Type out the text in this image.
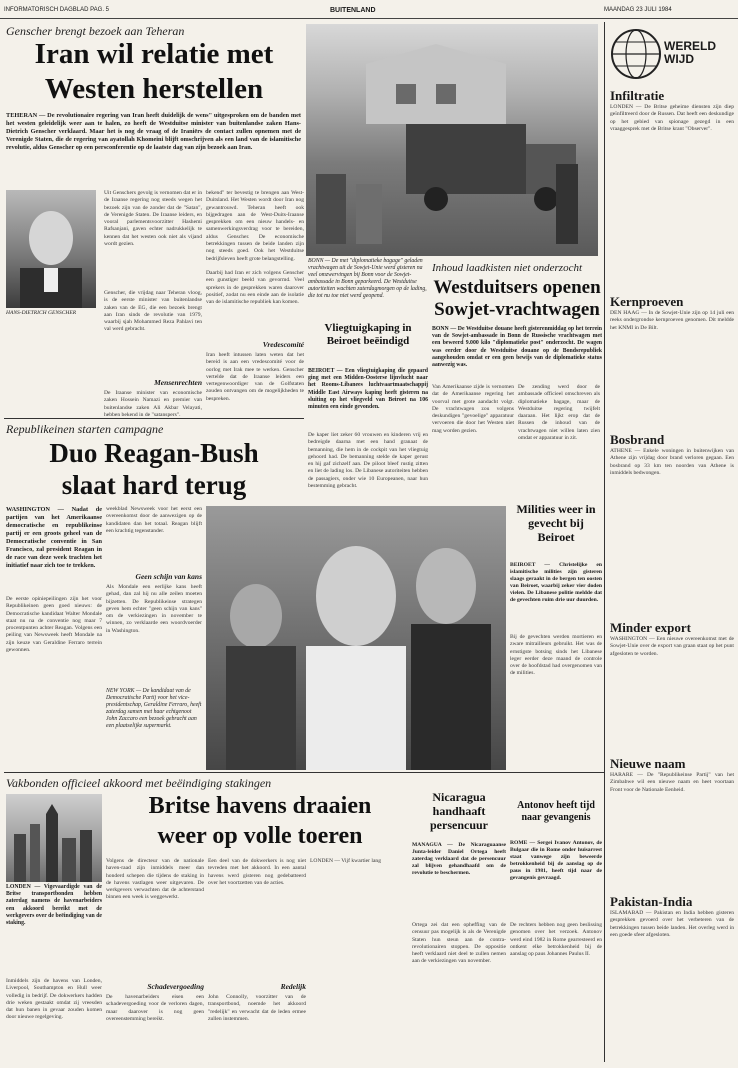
INFORMATORISCH DAGBLAD PAG. 5	BUITENLAND	MAANDAG 23 JULI 1984
Genscher brengt bezoek aan Teheran
Iran wil relatie met
Westen herstellen
TEHERAN — De revolutionaire regering van Iran heeft duidelijk de wens" uitgesproken om de banden met het westen geleidelijk weer aan te halen, zo heeft de Westduitse minister van buitenlandse zaken Hans-Dietrich Genscher verklaard. Maar het is nog de vraag of de Iraniërs de contact zullen opnemen met de Verenigde Staten, die de regering van ayatollah Khomeini blijft omschrijven als een land van de islamitische revolutie, aldus Genscher op een persconferentie op de laatste dag van zijn bezoek aan Iran.
HANS-DIETRICH GENSCHER
Uit Genschers gevolg is vernomen dat er in de Iraanse regering nog steeds wegen het bezoek zijn van de zonder dat de "Satan", de Verenigde Staten. De Iraanse leiders, en vooral parlementsvoorzitter Hashemi Rafsanjani, gaven echter nadrukkelijk te kennen dat het westen ook niet als vijand wordt gezien.
Genscher, die vrijdag naar Teheran vloog, is de eerste minister van buitenlandse zaken van de EG, die een bezoek brengt aan Iran sinds de revolutie van 1979, waarbij sjah Mohammed Reza Pahlavi ten val werd gebracht.
Mensenrechten
De Iraanse minister van economische zaken Hossein Namazi en premier van buitenlandse zaken Ali Akbar Velayati, hebben bekend in de "satanspers".
bekend" ter bevestig te brengen aan West-Duitsland. Het Westen wordt door Iran nog gewantrouwd. Teheran heeft ook bijgedragen aan de West-Duits-Iraanse gesprekken om een nieuw handels- en samenwerkingsverdrag voor te bereiden, aldus Genscher. De economische betrekkingen tussen de beide landen zijn nog steeds goed. Ook het Westduitse bedrijfsleven heeft grote belangstelling.
Daarbij had Iran er zich volgens Genscher een gunstiger beeld van gevormd. Veel sprekers in de gesprekken waren daarover positief, zodat nu een einde aan de isolatie van de islamitische republiek kan komen.
Vredescomité
Iran heeft intussen laten weten dat het bereid is aan een vredescomité voor de oorlog met Irak mee te werken. Genscher vertelde dat de Iraanse leiders een vertegenwoordiger van de Golfstaten zouden ontvangen om de mogelijkheden te bespreken.
BONN — De met "diplomatieke bagage" geladen vrachtwagen uit de Sowjet-Unie werd gisteren na veel omzwervingen bij Bonn voor de Sowjet-ambassade in Bonn geparkeerd. De Westduitse autoriteiten wachten zaterdagmorgen op de lading, die tot nu toe niet werd geopend.
Vliegtuigkaping in Beiroet beëindigd
BEIROET — Een vliegtuigkaping die gepaard ging met een Midden-Oosterse lijnvlucht naar het Rooms-Libanees luchtvaartmaatschappij Middle East Airways kaping heeft gisteren na sluiting op het vliegveld van Beiroet na 106 minuten een einde gevonden.
De kaper liet zeker 60 vrouwen en kinderen vrij en bedreigde daarna met een hand granaat de bemanning, die hem in de cockpit van het vliegtuig gehoord had. De bemanning stelde de kaper gerust en hij gaf zichzelf aan. De piloot bleef rustig zitten en liet de lading los. De Libanese autoriteiten hebben de passagiers, onder wie 10 Europeanen, naar hun bestemming gebracht.
Inhoud laadkisten niet onderzocht
Westduitsers openen
Sowjet-vrachtwagen
BONN — De Westduitse douane heeft gisterenmiddag op het terrein van de Sowjet-ambassade in Bonn de Russische vrachtwagen met een beweerd 9.000 kilo "diplomatieke post" onderzocht. De wagen was eerder door de Westduitse douane op de Bondsrepubliek aangehouden omdat er een geen bewijs van de diplomatieke status aanwezig was.
Van Amerikaanse zijde is vernomen dat de Amerikaanse regering het voorval met grote aandacht volgt. De vrachtwagen zou volgens deskundigen "gevoelige" apparatuur vervoeren die door het Westen niet mag worden gezien.
De zending werd door de ambassade officieel omschreven als diplomatieke bagage, maar de Westduitse regering twijfelt daaraan. Het lijkt erop dat de Russen de inhoud van de vrachtwagen niet willen laten zien omdat er apparatuur in zit.
Republikeinen starten campagne
Duo Reagan-Bush
slaat hard terug
WASHINGTON — Nadat de partijen van het Amerikaanse democratische en republikeinse partij er een groots geheel van de Democratische conventie in San Francisco, zal president Reagan in de race van deze week trachten het initiatief naar zich toe te trekken.
De eerste opiniepeilingen zijn het voor Republikeinen geen goed nieuws: de Democratische kandidaat Walter Mondale staat nu na de conventie nog maar 7 procentpunten achter Reagan. Volgens een peiling van Newsweek heeft Mondale na zijn keuze van Geraldine Ferraro terrein gewonnen.
weekblad Newsweek voor het eerst een overeenkomst door de aanwezigen op de kandidaten dan het totaal. Reagan blijft een krachtig tegenstander.
Geen schijn van kans
Als Mondale een eerlijke kans heeft gehad, dan zal hij nu alle zeilen moeten bijzetten. De Republikeinse strategen geven hem echter "geen schijn van kans" om de verkiezingen in november te winnen, zo verklaarde een woordvoerder in Washington.
NEW YORK — De kandidaat van de Democratische Partij voor het vice-presidentschap, Geraldine Ferraro, heeft zaterdag samen met haar echtgenoot John Zaccaro een bezoek gebracht aan een plaatselijke supermarkt.
Milities weer in gevecht bij Beiroet
BEIROET — Christelijke en islamitische milities zijn gisteren slaags geraakt in de bergen ten oosten van Beiroet, waarbij zeker vier doden vielen. De Libanese politie meldde dat de gevechten ruim drie uur duurden.
Bij de gevechten werden mortieren en zware mitrailleurs gebruikt. Het was de ernstigste botsing sinds het Libanese leger eerder deze maand de controle over de hoofdstad had overgenomen van de milities.
Vakbonden officieel akkoord met beëindiging stakingen
Britse havens draaien
weer op volle toeren
LONDEN — Vigevaardigde van de Britse transportbonden hebben zaterdag namens de havenarbeiders een akkoord bereikt met de werkgevers over de beëindiging van de staking.
Inmiddels zijn de havens van Londen, Liverpool, Southampton en Hull weer volledig in bedrijf. De dokwerkers hadden drie weken gestaakt omdat zij vreesden dat hun banen in gevaar zouden komen door nieuwe regelgeving.
Volgens de directeur van de nationale haven-raad zijn inmiddels meer dan honderd schepen die tijdens de staking in de havens vastlagen weer uitgevaren. De werkgevers verwachten dat de achterstand binnen een week is weggewerkt.
Schadevergoeding
De havenarbeiders eisen een schadevergoeding voor de verloren dagen, maar daarover is nog geen overeenstemming bereikt.
Een deel van de dokwerkers is nog niet tevreden met het akkoord. In een aantal havens werd gisteren nog gedebatteerd over het voortzetten van de acties.
Redelijk
John Connolly, voorzitter van de transportbond, noemde het akkoord "redelijk" en verwacht dat de leden ermee zullen instemmen.
LONDEN — Vijf kwartier lang
Nicaragua handhaaft persencuur
MANAGUA — De Nicaraguaanse Junta-leider Daniel Ortega heeft zaterdag verklaard dat de persencuur zal blijven gehandhaafd om de revolutie te beschermen.
Ortega zei dat een opheffing van de censuur pas mogelijk is als de Verenigde Staten hun steun aan de contra-revolutionairen stoppen. De oppositie heeft verklaard niet deel te zullen nemen aan de verkiezingen van november.
Antonov heeft tijd naar gevangenis
ROME — Sergei Ivanov Antonov, de Bulgaar die in Rome onder huisarrest staat vanwege zijn beweerde betrokkenheid bij de aanslag op de paus in 1981, heeft tijd naar de gevangenis gevraagd.
De rechters hebben nog geen beslissing genomen over het verzoek. Antonov werd eind 1982 in Rome gearresteerd en ontkent elke betrokkenheid bij de aanslag op paus Johannes Paulus II.
WERELD WIJD
Infiltratie
LONDEN — De Britse geheime diensten zijn diep geïnfiltreerd door de Russen. Dat heeft een deskundige op het gebied van spionage gezegd in een vraaggesprek met de Britse krant "Observer".
Kernproeven
DEN HAAG — In de Sowjet-Unie zijn op 14 juli een reeks ondergrondse kernproeven genomen. Dit meldde het KNMI in De Bilt.
Bosbrand
ATHENE — Enkele woningen in buitenwijken van Athene zijn vrijdag door brand verloren gegaan. Een bosbrand op 33 km ten noorden van Athene is inmiddels bedwongen.
Minder export
WASHINGTON — Een nieuwe overeenkomst met de Sowjet-Unie over de export van graan staat op het punt afgesloten te worden.
Nieuwe naam
HARARE — De "Republikeinse Partij" van het Zimbabwe wil een nieuwe naam en heet voortaan Front voor de Nationale Eenheid.
Pakistan-India
ISLAMABAD — Pakistan en India hebben gisteren gesprekken gevoerd over het verbeteren van de betrekkingen tussen beide landen. Het overleg werd in een goede sfeer afgesloten.
